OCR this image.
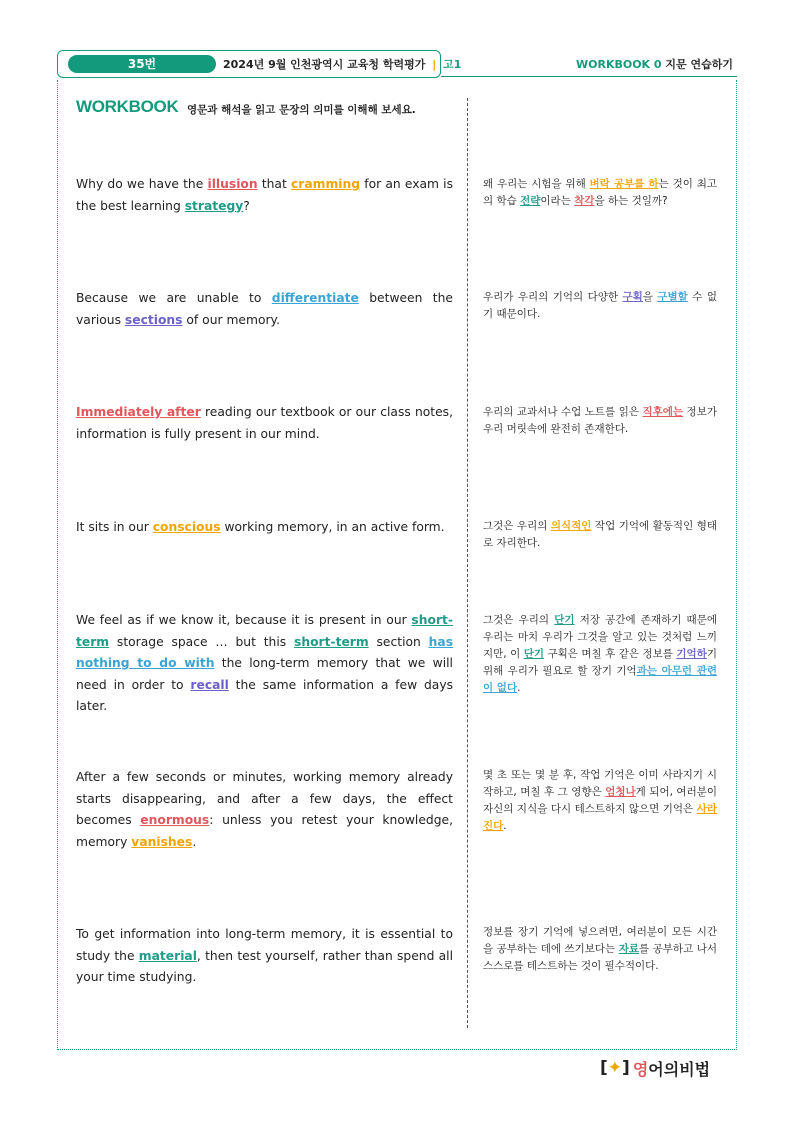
35번	2024년 9월 인천광역시 교육청 학력평가 | 고1	WORKBOOK 0 지문 연습하기
WORKBOOK 영문과 해석을 읽고 문장의 의미를 이해해 보세요.
Why do we have the illusion that cramming for an exam is the best learning strategy?
왜 우리는 시험을 위해 벼락 공부를 하는 것이 최고의 학습 전략이라는 착각을 하는 것일까?
Because we are unable to differentiate between the various sections of our memory.
우리가 우리의 기억의 다양한 구획을 구별할 수 없기 때문이다.
Immediately after reading our textbook or our class notes, information is fully present in our mind.
우리의 교과서나 수업 노트를 읽은 직후에는 정보가 우리 머릿속에 완전히 존재한다.
It sits in our conscious working memory, in an active form.	그것은 우리의 의식적인 작업 기억에 활동적인 형태로 자리한다.
We feel as if we know it, because it is present in our short-term storage space … but this short-term section has nothing to do with the long-term memory that we will need in order to recall the same information a few days later.
그것은 우리의 단기 저장 공간에 존재하기 때문에 우리는 마치 우리가 그것을 알고 있는 것처럼 느끼지만, 이 단기 구획은 며칠 후 같은 정보를 기억하기 위해 우리가 필요로 할 장기 기억과는 아무런 관련이 없다.
After a few seconds or minutes, working memory already starts disappearing, and after a few days, the effect becomes enormous: unless you retest your knowledge, memory vanishes.
몇 초 또는 몇 분 후, 작업 기억은 이미 사라지기 시작하고, 며칠 후 그 영향은 엄청나게 되어, 여러분이 자신의 지식을 다시 테스트하지 않으면 기억은 사라진다.
To get information into long-term memory, it is essential to study the material, then test yourself, rather than spend all your time studying.
정보를 장기 기억에 넣으려면, 여러분이 모든 시간을 공부하는 데에 쓰기보다는 자료를 공부하고 나서 스스로를 테스트하는 것이 필수적이다.
[✦] 영어의비법
